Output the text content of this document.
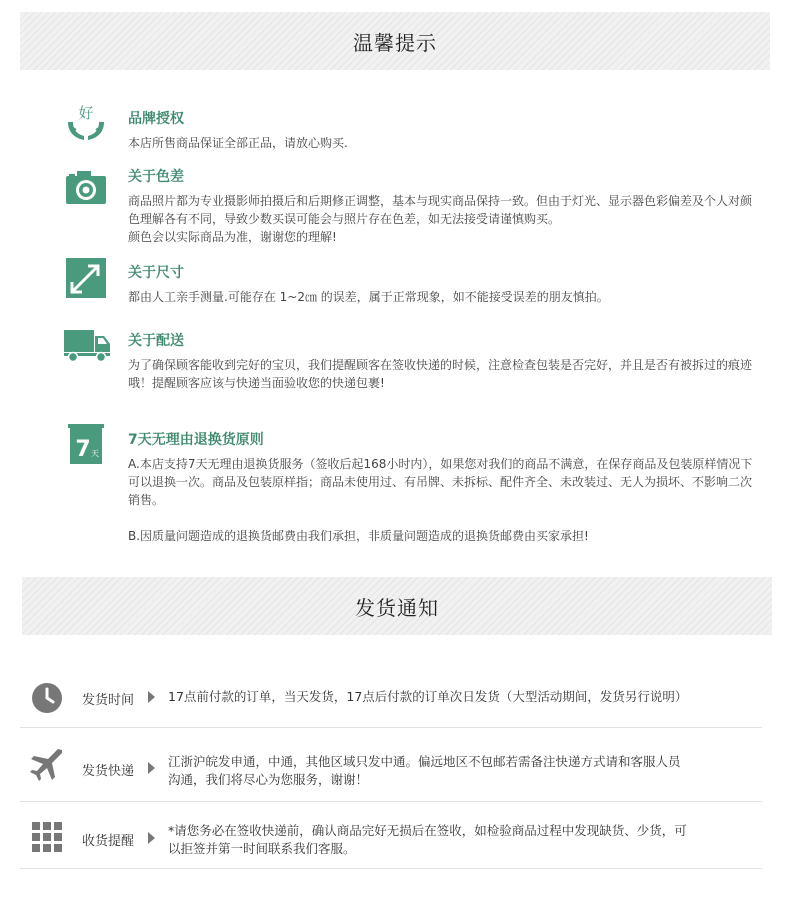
温馨提示
好 品牌授权

本店所售商品保证全部正品，请放心购买.

关于色差

商品照片都为专业摄影师拍摄后和后期修正调整，基本与现实商品保持一致。但由于灯光、显示器色彩偏差及个人对颜色理解各有不同，导致少数买误可能会与照片存在色差，如无法接受请谨慎购买。

颜色会以实际商品为准，谢谢您的理解!

关于尺寸

都由人工亲手测量.可能存在 1~2㎝ 的误差，属于正常现象，如不能接受误差的朋友慎拍。

关于配送

为了确保顾客能收到完好的宝贝，我们提醒顾客在签收快递的时候，注意检查包装是否完好，并且是否有被拆过的痕迹哦！提醒顾客应该与快递当面验收您的快递包裹!

7 天
7天无理由退换货原则

A.本店支持7天无理由退换货服务（签收后起168小时内），如果您对我们的商品不满意，在保存商品及包装原样情况下可以退换一次。商品及包装原样指；商品未使用过、有吊牌、未拆标、配件齐全、未改装过、无人为损坏、不影响二次销售。

B.因质量问题造成的退换货邮费由我们承担，非质量问题造成的退换货邮费由买家承担!

发货通知
发货时间	17点前付款的订单，当天发货，17点后付款的订单次日发货（大型活动期间，发货另行说明）
发货快递
江浙沪皖发申通，中通，其他区域只发中通。偏远地区不包邮若需备注快递方式请和客服人员沟通，我们将尽心为您服务，谢谢！
收货提醒
*请您务必在签收快递前，确认商品完好无损后在签收，如检验商品过程中发现缺货、少货，可以拒签并第一时间联系我们客服。
